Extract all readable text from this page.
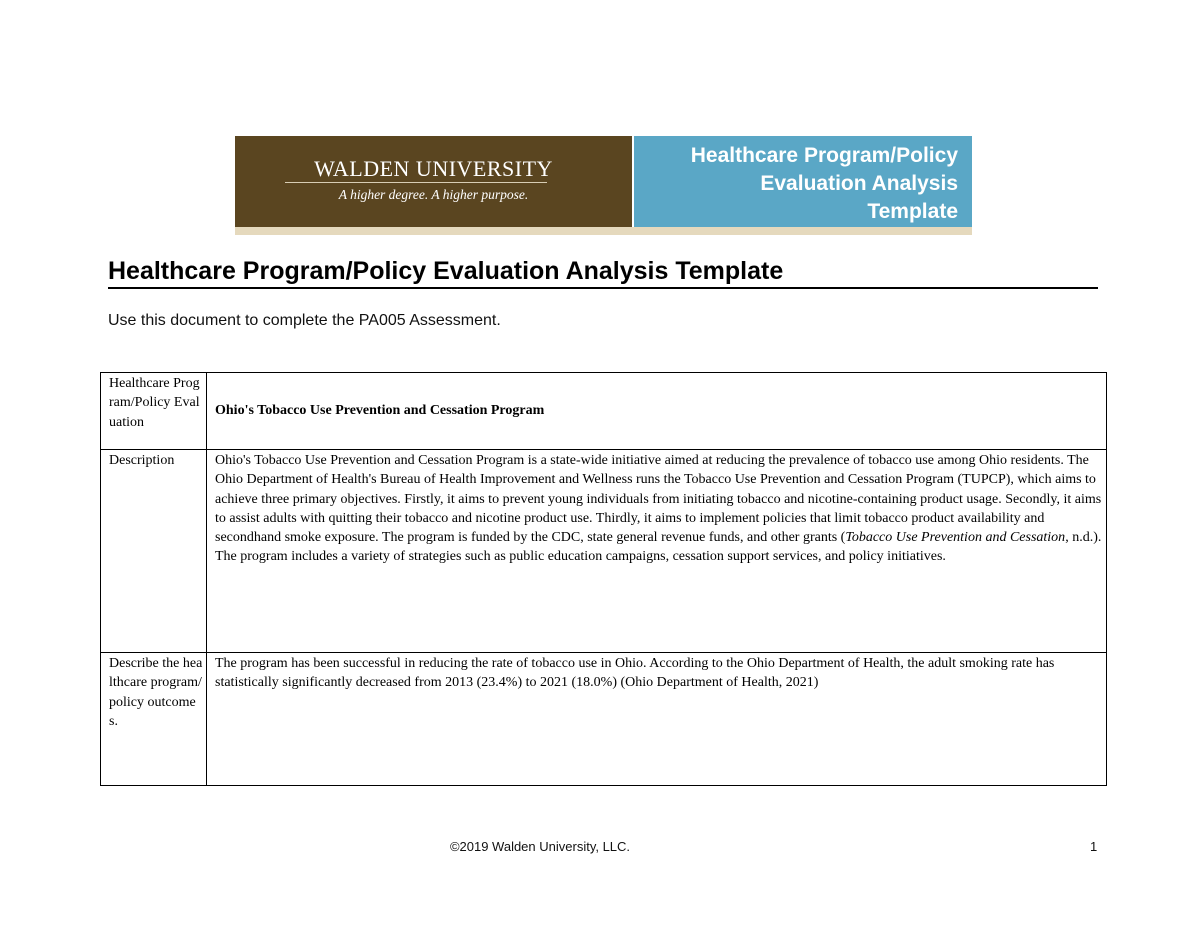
WALDEN UNIVERSITY
A higher degree. A higher purpose.
Healthcare Program/Policy
Evaluation Analysis
Template
Healthcare Program/Policy Evaluation Analysis Template
Use this document to complete the PA005 Assessment.
Healthcare Program/Policy Evaluation	Ohio's Tobacco Use Prevention and Cessation Program
Description	Ohio's Tobacco Use Prevention and Cessation Program is a state-wide initiative aimed at reducing the prevalence of tobacco use among Ohio residents. The Ohio Department of Health's Bureau of Health Improvement and Wellness runs the Tobacco Use Prevention and Cessation Program (TUPCP), which aims to achieve three primary objectives. Firstly, it aims to prevent young individuals from initiating tobacco and nicotine-containing product usage. Secondly, it aims to assist adults with quitting their tobacco and nicotine product use. Thirdly, it aims to implement policies that limit tobacco product availability and secondhand smoke exposure. The program is funded by the CDC, state general revenue funds, and other grants (Tobacco Use Prevention and Cessation, n.d.). The program includes a variety of strategies such as public education campaigns, cessation support services, and policy initiatives.
Describe the healthcare program/policy outcomes.	The program has been successful in reducing the rate of tobacco use in Ohio. According to the Ohio Department of Health, the adult smoking rate has statistically significantly decreased from 2013 (23.4%) to 2021 (18.0%) (Ohio Department of Health, 2021)
©2019 Walden University, LLC.	1
